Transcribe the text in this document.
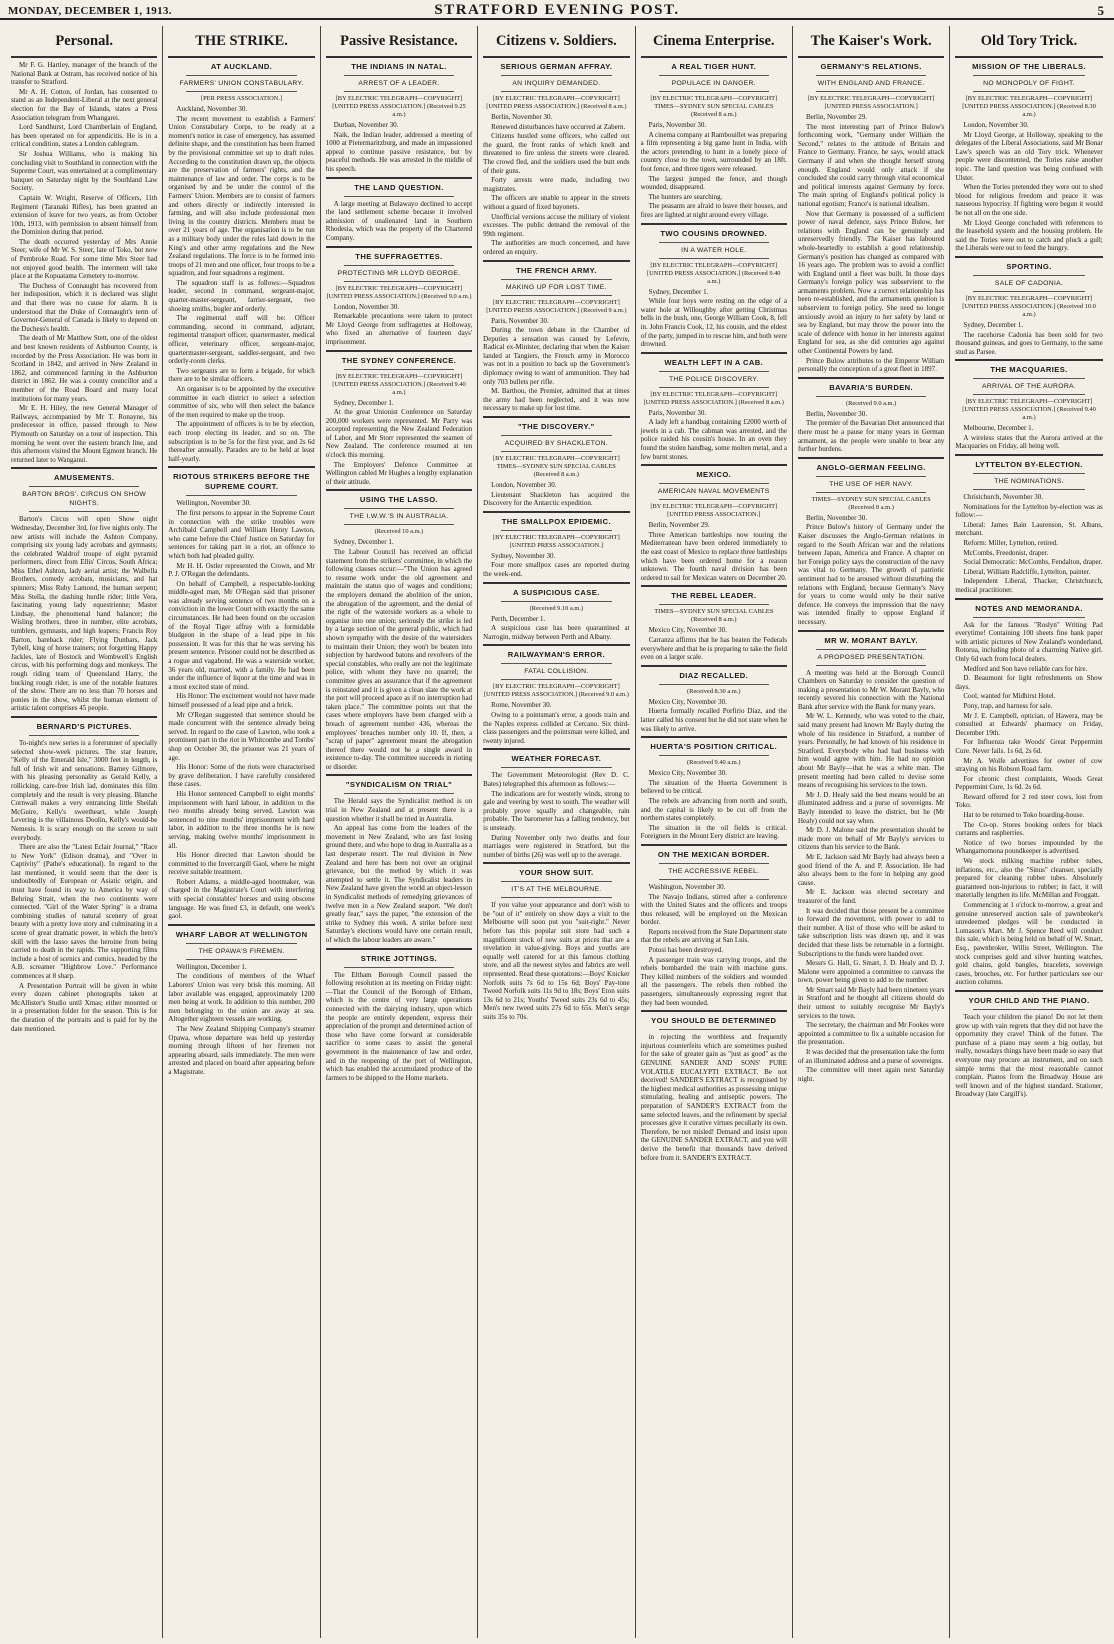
MONDAY, DECEMBER 1, 1913.	STRATFORD EVENING POST.	5
Personal.

Mr F. G. Hartley, manager of the branch of the National Bank at Ostram, has received notice of his transfer to Stratford.

Mr A. H. Cotton, of Jordan, has consented to stand as an Independent-Liberal at the next general election for the Bay of Islands, states a Press Association telegram from Whangarei.

Lord Sandhurst, Lord Chamberlain of England, has been operated on for appendicitis. He is in a critical condition, states a London cablegram.

Sir Joshua Williams, who is making his concluding visit to Southland in connection with the Supreme Court, was entertained at a complimentary banquet on Saturday night by the Southland Law Society.

Captain W. Wright, Reserve of Officers, 11th Regiment (Taranaki Rifles), has been granted an extension of leave for two years, as from October 10th, 1913, with permission to absent himself from the Dominion during that period.

The death occurred yesterday of Mrs Annie Steer, wife of Mr W. S. Steer, late of Toko, but now of Pembroke Road. For some time Mrs Steer had not enjoyed good health. The interment will take place at the Kopuatama Cemetery to-morrow.

The Duchess of Connaught has recovered from her indisposition, which it is declared was slight and that there was no cause for alarm. It is understood that the Duke of Connaught's term of Governor-General of Canada is likely to depend on the Duchess's health.

The death of Mr Matthew Stett, one of the oldest and best known residents of Ashburton County, is recorded by the Press Association. He was born in Scotland in 1842, and arrived in New Zealand in 1862, and commenced farming in the Ashburton district in 1862. He was a county councillor and a member of the Road Board and many local institutions for many years.

Mr E. H. Hiley, the new General Manager of Railways, accompanied by Mr T. Ronayne, his predecessor in office, passed through to New Plymouth on Saturday on a tour of inspection. This morning he went over the eastern branch line, and this afternoon visited the Mount Egmont branch. He returned later to Wanganui.

AMUSEMENTS.
BARTON BROS'. CIRCUS ON SHOW NIGHTS.

Barton's Circus will open Show night Wednesday, December 3rd, for five nights only. The new artists will include the Ashton Company, comprising six young lady acrobats and gymnasts; the celebrated Waldrof troupe of eight pyramid performers, direct from Ellis' Circus, South Africa; Miss Ethel Ashton, lady aerial artist; the Walbella Brothers, comedy acrobats, musicians, and hat spinners; Miss Ruby Lamond, the human serpent; Miss Stella, the dashing hurdle rider; little Vera, fascinating young lady equestrienne; Master Lindsay, the phenomenal hand balancer; the Wisling brothers, three in number, elite acrobats, tumblers, gymnasts, and high leapers; Francis Roy Barton, bareback rider; Flying Dunbars, Jack Tybell, king of horse trainers; not forgetting Happy Jackles, late of Bostock and Wombwell's English circus, with his performing dogs and monkeys. The rough riding team of Queensland Harry, the bucking rough rider, is one of the notable features of the show. There are no less than 70 horses and ponies in the show, whilst the human element of artistic talent comprises 45 people.

BERNARD'S PICTURES.

To-night's new series is a forerunner of specially selected show-week pictures. The star feature, "Kelly of the Emerald Isle," 3000 feet in length, is full of Irish wit and sensations. Barney Gilmore, with his pleasing personality as Gerald Kelly, a rollicking, care-free Irish lad, dominates this film completely and the result is very pleasing. Blanche Cornwall makes a very entrancing little Sheilah McGuire, Kelly's sweetheart, while Joseph Levering is the villainous Doolin, Kelly's would-be Nemesis. It is scary enough on the screen to suit everybody.

There are also the "Latest Eclair Journal," "Race to New York" (Edison drama), and "Over in Captivity" (Pathe's educational). In regard to the last mentioned, it would seem that the deer is undoubtedly of European or Asiatic origin, and must have found its way to America by way of Behring Strait, when the two continents were connected. "Girl of the Water Spring" is a drama combining studies of natural scenery of great beauty with a pretty love story and culminating in a scene of great dramatic power, in which the hero's skill with the lasso saves the heroine from being carried to death in the rapids. The supporting films include a host of scenics and comics, headed by the A.B. screamer "Highbrow Love." Performance commences at 8 sharp.

A Presentation Portrait will be given in white every dozen cabinet photographs taken at McAllister's Studio until Xmas; either mounted or in a presentation folder for the season. This is for the duration of the portraits and is paid for by the date mentioned.

THE STRIKE.
AT AUCKLAND.
FARMERS' UNION CONSTABULARY.
[PER PRESS ASSOCIATION.]

Auckland, November 30.

The recent movement to establish a Farmers' Union Constabulary Corps, to be ready at a moment's notice in case of emergency, has assumed definite shape, and the constitution has been framed by the provisional committee set up to draft rules. According to the constitution drawn up, the objects are the preservation of farmers' rights, and the maintenance of law and order. The corps is to be organised by and be under the control of the Farmers' Union. Members are to consist of farmers and others directly or indirectly interested in farming, and will also include professional men living in the country districts. Members must be over 21 years of age. The organisation is to be run as a military body under the rules laid down in the King's and other army regulations and the New Zealand regulations. The force is to be formed into troops of 21 men and one officer, four troops to be a squadron, and four squadrons a regiment.

The squadron staff is as follows:—Squadron leader, second in command, sergeant-major, quarter-master-sergeant, farrier-sergeant, two shoeing smiths, bugler and orderly.

The regimental staff will be: Officer commanding, second in command, adjutant, regimental transport officer, quartermaster, medical officer, veterinary officer, sergeant-major, quartermaster-sergeant, saddler-sergeant, and two orderly-room clerks.

Two sergeants are to form a brigade, for which there are to be similar officers.

An organiser is to be appointed by the executive committee in each district to select a selection committee of six, who will then select the balance of the men required to make up the troop.

The appointment of officers is to be by election, each troop electing its leader, and so on. The subscription is to be 5s for the first year, and 2s 6d thereafter annually. Parades are to be held at least half-yearly.

RIOTOUS STRIKERS BEFORE THE SUPREME COURT.

Wellington, November 30.

The first persons to appear in the Supreme Court in connection with the strike troubles were Archibald Campbell and William Henry Lawton, who came before the Chief Justice on Saturday for sentences for taking part in a riot, an offence to which both had pleaded guilty.

Mr H. H. Ostler represented the Crown, and Mr P. J. O'Regan the defendants.

On behalf of Campbell, a respectable-looking middle-aged man, Mr O'Regan said that prisoner was already serving sentence of two months on a conviction in the lower Court with exactly the same circumstances. He had been found on the occasion of the Royal Tiger affray with a formidable bludgeon in the shape of a lead pipe in his possession. It was for this that he was serving his present sentence. Prisoner could not be described as a rogue and vagabond. He was a waterside worker, 36 years old, married, with a family. He had been under the influence of liquor at the time and was in a most excited state of mind.

His Honor: The excitement would not have made himself possessed of a lead pipe and a brick.

Mr O'Regan suggested that sentence should be made concurrent with the sentence already being served. In regard to the case of Lawton, who took a prominent part in the riot in Whitcombe and Tombs' shop on October 30, the prisoner was 21 years of age.

His Honor: Some of the riots were characterised by grave deliberation. I have carefully considered these cases.

His Honor sentenced Campbell to eight months' imprisonment with hard labour, in addition to the two months already being served. Lawton was sentenced to nine months' imprisonment with hard labor, in addition to the three months he is now serving, making twelve months' imprisonment in all.

His Honor directed that Lawton should be committed to the Invercargill Gaol, where he might receive suitable treatment.

Robert Adams, a middle-aged bootmaker, was charged in the Magistrate's Court with interfering with special constables' horses and using obscene language. He was fined £3, in default, one week's gaol.

WHARF LABOR AT WELLINGTON
THE OPAWA'S FIREMEN.

Wellington, December 1.

The conditions of members of the Wharf Laborers' Union was very brisk this morning. All labor available was engaged, approximately 1200 men being at work. In addition to this number, 200 men belonging to the union are away at sea. Altogether eighteen vessels are working.

The New Zealand Shipping Company's steamer Opawa, whose departure was held up yesterday morning through fifteen of her firemen not appearing aboard, sails immediately. The men were arrested and placed on board after appearing before a Magistrate.

Passive Resistance.
THE INDIANS IN NATAL.
ARREST OF A LEADER.
[BY ELECTRIC TELEGRAPH—COPYRIGHT] [UNITED PRESS ASSOCIATION.] (Received 9.25 a.m.)

Durban, November 30.

Naik, the Indian leader, addressed a meeting of 1000 at Pietermaritzburg, and made an impassioned appeal to continue passive resistance, but by peaceful methods. He was arrested in the middle of his speech.

THE LAND QUESTION.

A large meeting at Bulawayo declined to accept the land settlement scheme because it involved admission of unalienated land in Southern Rhodesia, which was the property of the Chartered Company.

THE SUFFRAGETTES.
PROTECTING MR LLOYD GEORGE.
[BY ELECTRIC TELEGRAPH—COPYRIGHT] [UNITED PRESS ASSOCIATION.] (Received 9.0 a.m.)

London, November 30.

Remarkable precautions were taken to protect Mr Lloyd George from suffragettes at Holloway, who fixed an alternative of fourteen days' imprisonment.

THE SYDNEY CONFERENCE.
[BY ELECTRIC TELEGRAPH—COPYRIGHT] [UNITED PRESS ASSOCIATION.] (Received 9.40 a.m.)

Sydney, December 1.

At the great Unionist Conference on Saturday 200,000 workers were represented. Mr Parry was accepted representing the New Zealand Federation of Labor, and Mr Storr represented the seamen of New Zealand. The conference resumed at ten o'clock this morning.

The Employers' Defence Committee at Wellington cabled Mr Hughes a lengthy explanation of their attitude.

USING THE LASSO.
THE I.W.W.'S IN AUSTRALIA.
(Received 10 a.m.)

Sydney, December 1.

The Labour Council has received an official statement from the strikers' committee, in which the following clauses occur:—"The Union has agreed to resume work under the old agreement and maintain the status quo of wages and conditions; the employers demand the abolition of the union, the abrogation of the agreement, and the denial of the right of the waterside workers as a whole to organise into one union; seriously the strike is led by a large section of the general public, which had shown sympathy with the desire of the watersiders to maintain their Union; they won't be beaten into subjection by hardwood batons and revolvers of the special constables, who really are not the legitimate police, with whom they have no quarrel; the committee gives an assurance that if the agreement is reinstated and it is given a clean slate the work at the port will proceed apace as if no interruption had taken place." The committee points out that the cases where employers have been charged with a breach of agreement number 436, whereas the employees' breaches number only 10. If, then, a "scrap of paper" agreement meant the abrogation thereof there would not be a single award in existence to-day. The committee succeeds in rioting or disorder.

"SYNDICALISM ON TRIAL"

The Herald says the Syndicalist method is on trial in New Zealand and at present there is a question whether it shall be tried in Australia.

An appeal has come from the leaders of the movement in New Zealand, who are fast losing ground there, and who hope to drag in Australia as a last desperate resort. The real division in New Zealand and here has been not over an original grievance, but the method by which it was attempted to settle it. The Syndicalist leaders in New Zealand have given the world an object-lesson in Syndicalist methods of remedying grievances of twelve men in a New Zealand seaport. "We don't greatly fear," says the paper, "the extension of the strike to Sydney this week. A strike before next Saturday's elections would have one certain result, of which the labour leaders are aware."

STRIKE JOTTINGS.

The Eltham Borough Council passed the following resolution at its meeting on Friday night:—That the Council of the Borough of Eltham, which is the centre of very large operations connected with the dairying industry, upon which the people are entirely dependent, express their appreciation of the prompt and determined action of those who have come forward at considerable sacrifice to some cases to assist the general government in the maintenance of law and order, and in the reopening of the port of Wellington, which has enabled the accumulated produce of the farmers to be shipped to the Home markets.

Citizens v. Soldiers.
SERIOUS GERMAN AFFRAY.
AN INQUIRY DEMANDED.
[BY ELECTRIC TELEGRAPH—COPYRIGHT] [UNITED PRESS ASSOCIATION.] (Received 8 a.m.)

Berlin, November 30.

Renewed disturbances have occurred at Zabern.

Citizens hustled some officers, who called out the guard, the front ranks of which knelt and threatened to fire unless the streets were cleared. The crowd fled, and the soldiers used the butt ends of their guns.

Forty arrests were made, including two magistrates.

The officers are unable to appear in the streets without a guard of fixed bayonets.

Unofficial versions accuse the military of violent excesses. The public demand the removal of the 99th regiment.

The authorities are much concerned, and have ordered an enquiry.

THE FRENCH ARMY.
MAKING UP FOR LOST TIME.
[BY ELECTRIC TELEGRAPH—COPYRIGHT] [UNITED PRESS ASSOCIATION.] (Received 9 a.m.)

Paris, November 30.

During the town debate in the Chamber of Deputies a sensation was caused by Lefevre, Radical ex-Minister, declaring that when the Kaiser landed at Tangiers, the French army in Morocco was not in a position to back up the Government's diplomacy owing to want of ammunition. They had only 703 bullets per rifle.

M. Barthou, the Premier, admitted that at times the army had been neglected, and it was now necessary to make up for lost time.

"THE DISCOVERY."
ACQUIRED BY SHACKLETON.
[BY ELECTRIC TELEGRAPH—COPYRIGHT] TIMES—SYDNEY SUN SPECIAL CABLES (Received 8 a.m.)

London, November 30.

Lieutenant Shackleton has acquired the Discovery for the Antarctic expedition.

THE SMALLPOX EPIDEMIC.
[BY ELECTRIC TELEGRAPH—COPYRIGHT] [UNITED PRESS ASSOCIATION.]

Sydney, November 30.

Four more smallpox cases are reported during the week-end.

A SUSPICIOUS CASE.
(Received 9.10 a.m.)

Perth, December 1.

A suspicious case has been quarantined at Narrogin, midway between Perth and Albany.

RAILWAYMAN'S ERROR.
FATAL COLLISION.
[BY ELECTRIC TELEGRAPH—COPYRIGHT] [UNITED PRESS ASSOCIATION.] (Received 9.0 a.m.)

Rome, November 30.

Owing to a pointsman's error, a goods train and the Naples express collided at Cercano. Six third-class passengers and the pointsman were killed, and twenty injured.

WEATHER FORECAST.

The Government Meteorologist (Rev D. C. Bates) telegraphed this afternoon as follows:—

The indications are for westerly winds, strong to gale and veering by west to south. The weather will probably prove squally and changeable, rain probable. The barometer has a falling tendency, but is unsteady.

During November only two deaths and four marriages were registered in Stratford, but the number of births (26) was well up to the average.

YOUR SHOW SUIT.
IT'S AT THE MELBOURNE.

If you value your appearance and don't wish to be "out of it" entirely on show days a visit to the Melbourne will soon put you "suit-right." Never before has this popular suit store had such a magnificent stock of new suits at prices that are a revelation in value-giving. Boys and youths are equally well catered for at this famous clothing store, and all the newest styles and fabrics are well represented. Read these quotations:—Boys' Knicker Norfolk suits 7s 6d to 15s 6d; Boys' Pay-tone Tweed Norfolk suits 11s 9d to 18s; Boys' Eton suits 13s 6d to 21s; Youths' Tweed suits 23s 6d to 45s; Men's new tweed suits 27s 6d to 65s. Men's serge suits 35s to 70s.

Cinema Enterprise.
A REAL TIGER HUNT.
POPULACE IN DANGER.
[BY ELECTRIC TELEGRAPH—COPYRIGHT] TIMES—SYDNEY SUN SPECIAL CABLES (Received 8 a.m.)

Paris, November 30.

A cinema company at Rambouillet was preparing a film representing a big game hunt in India, with the actors pretending to hunt in a lonely piece of country close to the town, surrounded by an 18ft. foot fence, and three tigers were released.

The largest jumped the fence, and though wounded, disappeared.

The hunters are searching.

The peasants are afraid to leave their houses, and fires are lighted at night around every village.

TWO COUSINS DROWNED.
IN A WATER HOLE.
[BY ELECTRIC TELEGRAPH—COPYRIGHT] [UNITED PRESS ASSOCIATION.] (Received 9.40 a.m.)

Sydney, December 1.

While four boys were resting on the edge of a water hole at Willoughby after getting Christmas bells in the bush, one, George William Cook, 8, fell in. John Francis Cook, 12, his cousin, and the eldest of the party, jumped in to rescue him, and both were drowned.

WEALTH LEFT IN A CAB.
THE POLICE DISCOVERY.
[BY ELECTRIC TELEGRAPH—COPYRIGHT] [UNITED PRESS ASSOCIATION.] (Received 8 a.m.)

Paris, November 30.

A lady left a handbag containing £2000 worth of jewels in a cab. The cabman was arrested, and the police raided his cousin's house. In an oven they found the stolen handbag, some molten metal, and a few burnt stones.

MEXICO.
AMERICAN NAVAL MOVEMENTS
[BY ELECTRIC TELEGRAPH—COPYRIGHT] [UNITED PRESS ASSOCIATION.]

Berlin, November 29.

Three American battleships now touring the Mediterranean have been ordered immediately to the east coast of Mexico to replace three battleships which have been ordered home for a reason unknown. The fourth naval division has been ordered to sail for Mexican waters on December 20.

THE REBEL LEADER.
TIMES—SYDNEY SUN SPECIAL CABLES (Received 8 a.m.)

Mexico City, November 30.

Carranza affirms that he has beaten the Federals everywhere and that he is preparing to take the field even on a larger scale.

DIAZ RECALLED.
(Received 8.30 a.m.)

Mexico City, November 30.

Huerta formally recalled Porfirio Diaz, and the latter called his consent but he did not state when he was likely to arrive.

HUERTA'S POSITION CRITICAL.
(Received 9.40 a.m.)

Mexico City, November 30.

The situation of the Huerta Government is believed to be critical.

The rebels are advancing from north and south, and the capital is likely to be cut off from the northern states completely.

The situation in the oil fields is critical. Foreigners in the Mount Eery district are leaving.

ON THE MEXICAN BORDER.
THE ACCRESSIVE REBEL.

Washington, November 30.

The Navajo Indians, stirred after a conference with the United States and the officers and troops thus released, will be employed on the Mexican border.

Reports received from the State Department state that the rebels are arriving at San Luis.

Potosi has been destroyed.

A passenger train was carrying troops, and the rebels bombarded the train with machine guns. They killed numbers of the soldiers and wounded all the passengers. The rebels then robbed the passengers, simultaneously expressing regret that they had been wounded.

YOU SHOULD BE DETERMINED

in rejecting the worthless and frequently injurious counterfeits which are sometimes pushed for the sake of greater gain as "just as good" as the GENUINE SANDER AND SONS' PURE VOLATILE EUCALYPTI EXTRACT. Be not deceived! SANDER'S EXTRACT is recognised by the highest medical authorities as possessing unique stimulating, healing and antiseptic powers. The preparation of SANDER'S EXTRACT from the same selected leaves, and the refinement by special processes give it curative virtues peculiarly its own. Therefore, be not misled! Demand and insist upon the GENUINE SANDER EXTRACT, and you will derive the benefit that thousands have derived before from it. SANDER'S EXTRACT.

The Kaiser's Work.
GERMANY'S RELATIONS.
WITH ENGLAND AND FRANCE.
[BY ELECTRIC TELEGRAPH—COPYRIGHT] [UNITED PRESS ASSOCIATION.]

Berlin, November 29.

The most interesting part of Prince Bulow's forthcoming work, "Germany under William the Second," relates to the attitude of Britain and France to Germany. France, he says, would attack Germany if and when she thought herself strong enough. England would only attack if she concluded she could carry through vital economical and political interests against Germany by force. The main spring of England's political policy is national egotism; France's is national idealism.

Now that Germany is possessed of a sufficient power of naval defence, says Prince Bulow, her relations with England can be genuinely and unreservedly friendly. The Kaiser has laboured whole-heartedly to establish a good relationship. Germany's position has changed as compared with 16 years ago. The problem was to avoid a conflict with England until a fleet was built. In those days Germany's foreign policy was subservient to the armaments problem. Now a correct relationship has been re-established, and the armaments question is subservient to foreign policy. She need no longer anxiously avoid an injury to her safety by land or sea by England, but may throw the power into the scale of defence with honor in her interests against England for sea, as she did centuries ago against other Continental Powers by land.

Prince Bulow attributes to the Emperor William personally the conception of a great fleet in 1897.

BAVARIA'S BURDEN.
(Received 9.0 a.m.)

Berlin, November 30.

The premier of the Bavarian Diet announced that there must be a pause for many years in German armament, as the people were unable to bear any further burdens.

ANGLO-GERMAN FEELING.
THE USE OF HER NAVY.
TIMES—SYDNEY SUN SPECIAL CABLES (Received 8 a.m.)

Berlin, November 30.

Prince Bulow's history of Germany under the Kaiser discusses the Anglo-German relations in regard to the South African war and the relations between Japan, America and France. A chapter on her Foreign policy says the construction of the navy was vital to Germany. The growth of patriotic sentiment had to be aroused without disturbing the relations with England, because Germany's Navy for years to come would only be their native defence. He conveys the impression that the navy was intended finally to oppose England if necessary.

MR W. MORANT BAYLY.
A PROPOSED PRESENTATION.

A meeting was held at the Borough Council Chambers on Saturday to consider the question of making a presentation to Mr W. Morant Bayly, who recently severed his connection with the National Bank after service with the Bank for many years.

Mr W. L. Kennedy, who was voted to the chair, said many present had known Mr Bayly during the whole of his residence in Stratford, a number of years. Personally, he had known of his residence in Stratford. Everybody who had had business with him would agree with him. He had no opinion about Mr Bayly—that he was a white man. The present meeting had been called to devise some means of recognising his services to the town.

Mr J. D. Healy said the best means would be an illuminated address and a purse of sovereigns. Mr Bayly intended to leave the district, but he (Mr Healy) could not say when.

Mr D. J. Malone said the presentation should be made more on behalf of Mr Bayly's services to citizens than his service to the Bank.

Mr E. Jackson said Mr Bayly had always been a good friend of the A. and P. Association. He had also always been to the fore in helping any good cause.

Mr E. Jackson was elected secretary and treasurer of the fund.

It was decided that those present be a committee to forward the movement, with power to add to their number. A list of those who will be asked to take subscription lists was drawn up, and it was decided that these lists be returnable in a fortnight. Subscriptions to the funds were handed over.

Messrs G. Hall, G. Smart, J. D. Healy and D. J. Malone were appointed a committee to canvass the town, power being given to add to the number.

Mr Smart said Mr Bayly had been nineteen years in Stratford and he thought all citizens should do their utmost to suitably recognise Mr Bayly's services to the town.

The secretary, the chairman and Mr Fookes were appointed a committee to fix a suitable occasion for the presentation.

It was decided that the presentation take the form of an illuminated address and a purse of sovereigns.

The committee will meet again next Saturday night.

Old Tory Trick.
MISSION OF THE LIBERALS.
NO MONOPOLY OF FIGHT.
[BY ELECTRIC TELEGRAPH—COPYRIGHT] [UNITED PRESS ASSOCIATION.] (Received 8.30 a.m.)

London, November 30.

Mr Lloyd George, at Holloway, speaking to the delegates of the Liberal Associations, said Mr Bonar Law's speech was an old Tory trick. Whenever people were discontented, the Tories raise another topic. The land question was being confused with Ulster.

When the Tories pretended they were out to shed blood for religious freedom and peace it was nauseous hypocrisy. If fighting were begun it would be not all on the one side.

Mr Lloyd George concluded with references to the leasehold system and the housing problem. He said the Tories were out to catch and pluck a gull; the Liberals were out to feed the hungry.

SPORTING.
SALE OF CADONIA.
[BY ELECTRIC TELEGRAPH—COPYRIGHT] [UNITED PRESS ASSOCIATION.] (Received 10.0 a.m.)

Sydney, December 1.

The racehorse Cadonia has been sold for two thousand guineas, and goes to Germany, to the same stud as Parsee.

THE MACQUARIES.
ARRIVAL OF THE AURORA.
[BY ELECTRIC TELEGRAPH—COPYRIGHT] [UNITED PRESS ASSOCIATION.] (Received 9.40 a.m.)

Melbourne, December 1.

A wireless states that the Aurora arrived at the Macquaries on Friday, all being well.

LYTTELTON BY-ELECTION.
THE NOMINATIONS.

Christchurch, November 30.

Nominations for the Lyttelton by-election was as follow:—

Liberal: James Bain Laurenson, St. Albans, merchant.

Reform: Miller, Lyttelton, retired.

McCombs, Freedonist, draper.

Social Democratic: McCombs, Fendalton, draper.

Liberal, William Radcliffe, Lyttelton, painter.

Independent Liberal, Thacker, Christchurch, medical practitioner.

NOTES AND MEMORANDA.

Ask for the famous "Roslyn" Writing Pad everytime! Containing 100 sheets fine bank paper with artistic pictures of New Zealand's wonderland, Rotorua, including photo of a charming Native girl. Only 6d each from local dealers.

Medford and Son have reliable cars for hire.

D. Beaumont for light refreshments on Show days.

Cool, wanted for Midhirst Hotel.

Pony, trap, and harness for sale.

Mr J. E. Campbell, optician, of Hawera, may be consulted at Edwards' pharmacy on Friday, December 19th.

For Influenza take Woods' Great Peppermint Cure. Never fails. 1s 6d, 2s 6d.

Mr A. Wolfe advertises for owner of cow straying on his Robson Road farm.

For chronic chest complaints, Woods Great Peppermint Cure, 1s 6d. 2s 6d.

Reward offered for 2 red steer cows, lost from Toko.

Hat to be returned to Toko boarding-house.

The Co-op. Stores booking orders for black currants and raspberries.

Notice of two horses impounded by the Whangamomona poundkeeper is advertised.

We stock milking machine rubber tubes, inflations, etc., also the "Sinus" cleanser, specially prepared for cleaning rubber tubes. Absolutely guaranteed non-injurious to rubber; in fact, it will materially lengthen its life. McMillan and Froggatt.

Commencing at 1 o'clock to-morrow, a great and genuine unreserved auction sale of pawnbroker's unredeemed pledges will be conducted in Lomason's Mart. Mr J. Spence Reed will conduct this sale, which is being held on behalf of W. Smart, Esq., pawnbroker, Willis Street, Wellington. The stock comprises gold and silver hunting watches, gold chains, gold bangles, bracelets, sovereign cases, brooches, etc. For further particulars see our auction columns.

YOUR CHILD AND THE PIANO.

Teach your children the piano! Do not let them grow up with vain regrets that they did not have the opportunity they crave! Think of the future. The purchase of a piano may seem a big outlay, but really, nowadays things have been made so easy that everyone may procure an instrument, and on such simple terms that the most reasonable cannot complain. Pianos from the Broadway House are well known and of the highest standard. Stationer, Broadway (late Cargill's).
